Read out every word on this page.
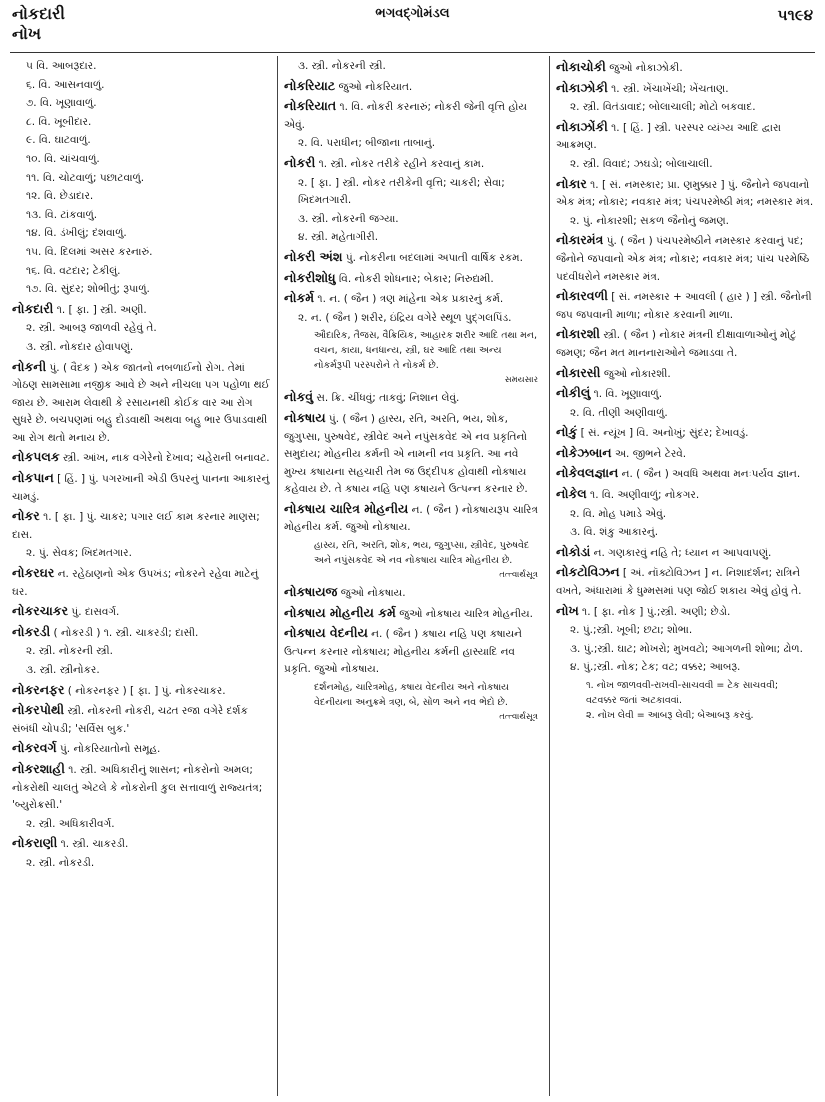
નોકદારી
નોખ
ભગવદ્ગોમંડલ	૫૧૯૪
૫ વિ. આબરૂદાર.
૬. વિ. આસનવાળું.
૭. વિ. ખૂણાવાળું.
૮. વિ. ખૂબીદાર.
૯. વિ. ઘાટવાળું.
૧૦. વિ. ચાંચવાળું.
૧૧. વિ. ચોટવાળું; પછાટવાળું.
૧૨. વિ. છેડાદાર.
૧૩. વિ. ટાંકવાળું.
૧૪. વિ. ડંખીલું; દંશવાળું.
૧૫. વિ. દિલમાં અસર કરનારું.
૧૬. વિ. વટદાર; ટેકીલું.
૧૭. વિ. સુંદર; શોભીતું; રૂપાળું.
નોકદારી ૧. [ ફા. ] સ્ત્રી. અણી.
૨. સ્ત્રી. આબરૂ જાળવી રહેવું તે.
૩. સ્ત્રી. નોકદાર હોવાપણું.
નોકની પું. ( વૈદક ) એક જાતનો નબળાઈનો રોગ. તેમાં ગોઠણ સામસામા નજીક આવે છે અને નીચલા પગ પહોળા થઈ જાય છે. આરામ લેવાથી કે રસાયનથી કોઈક વાર આ રોગ સુધરે છે. બચપણમાં બહુ દોડવાથી અથવા બહુ ભાર ઉપાડવાથી આ રોગ થતો મનાય છે.
નોકપલક સ્ત્રી. આંખ, નાક વગેરેનો દેખાવ; ચહેરાની બનાવટ.
નોકપાન [ હિં. ] પું. પગરખાની એડી ઉપરનું પાનના આકારનું ચામડું.
નોકર ૧. [ ફા. ] પું. ચાકર; પગાર લઈ કામ કરનાર માણસ; દાસ.
૨. પું. સેવક; ખિદમતગાર.
નોકરઘર ન. રહેઠાણનો એક ઉપખંડ; નોકરને રહેવા માટેનું ઘર.
નોકરચાકર પું. દાસવર્ગ.
નોકરડી ( નોકરડી ) ૧. સ્ત્રી. ચાકરડી; દાસી.
૨. સ્ત્રી. નોકરની સ્ત્રી.
૩. સ્ત્રી. સ્ત્રીનોકર.
નોકરનફર ( નોકરનફર ) [ ફા. ] પું. નોકરચાકર.
નોકરપોથી સ્ત્રી. નોકરની નોકરી, ચઢત રજા વગેરે દર્શક સંબંધી ચોપડી; 'સર્વિસ બુક.'
નોકરવર્ગ પું. નોકરિયાતોનો સમૂહ.
નોકરશાહી ૧. સ્ત્રી. અધિકારીનું શાસન; નોકરોનો અમલ; નોકરોથી ચાલતું એટલે કે નોકરોની કુલ સત્તાવાળું રાજ્યતંત્ર; 'બ્યુરોક્રસી.'
૨. સ્ત્રી. અધિકારીવર્ગ.
નોકરાણી ૧. સ્ત્રી. ચાકરડી.
૨. સ્ત્રી. નોકરડી.
૩. સ્ત્રી. નોકરની સ્ત્રી.
નોકરિયાટ જુઓ નોકરિયાત.
નોકરિયાત ૧. વિ. નોકરી કરનારું; નોકરી જેની વૃત્તિ હોય એવું.
૨. વિ. પરાધીન; બીજાના તાબાનું.
નોકરી ૧. સ્ત્રી. નોકર તરીકે રહીને કરવાનું કામ.
૨. [ ફા. ] સ્ત્રી. નોકર તરીકેની વૃત્તિ; ચાકરી; સેવા; ખિદમતગારી.
૩. સ્ત્રી. નોકરની જગ્યા.
૪. સ્ત્રી. મહેતાગીરી.
નોકરી અંશ પું. નોકરીના બદલામાં અપાતી વાર્ષિક રકમ.
નોકરીશોધુ વિ. નોકરી શોધનાર; બેકાર; નિરુદ્યમી.
નોકર્મ ૧. ન. ( જૈન ) ત્રણ માંહેના એક પ્રકારનું કર્મ.
૨. ન. ( જૈન ) શરીર, ઇંદ્રિય વગેરે સ્થૂળ પુદ્ગલપિંડ.
ઔદારિક, તૈજસ, વૈક્રિયિક, આહારક શરીર આદિ તથા મન, વચન, કાયા, ધનધાન્ય, સ્ત્રી, ઘર આદિ તથા અન્ય નોકર્મરૂપી પરસ્પરોને તે નોકર્મ છે.
સમયસાર
નોકવું સ. ક્રિ. ચીંધવું; તાકવું; નિશાન લેવું.
નોકષાય પું. ( જૈન ) હાસ્ય, રતિ, અરતિ, ભય, શોક, જુગુપ્સા, પુરુષવેદ, સ્ત્રીવેદ અને નપુંસકવેદ એ નવ પ્રકૃતિનો સમુદાય; મોહનીય કર્મની એ નામની નવ પ્રકૃતિ. આ નવે મુખ્ય કષાયના સહચારી તેમ જ ઉદ્દીપક હોવાથી નોકષાય કહેવાય છે. તે કષાય નહિ પણ કષાયને ઉત્પન્ન કરનાર છે.
નોકષાય ચારિત્ર મોહનીય ન. ( જૈન ) નોકષાયરૂપ ચારિત્ર મોહનીય કર્મ. જુઓ નોકષાય.
હાસ્ય, રતિ, અરતિ, શોક, ભય, જુગુપ્સા, સ્ત્રીવેદ, પુરુષવેદ અને નપુંસકવેદ એ નવ નોકષાય ચારિત્ર મોહનીય છે.
તત્ત્વાર્થસૂત્ર
નોકષાયજ જુઓ નોકષાય.
નોકષાય મોહનીય કર્મ જુઓ નોકષાય ચારિત્ર મોહનીય.
નોકષાય વેદનીય ન. ( જૈન ) કષાય નહિ પણ કષાયને ઉત્પન્ન કરનાર નોકષાય; મોહનીય કર્મની હાસ્યાદિ નવ પ્રકૃતિ. જુઓ નોકષાય.
દર્શનમોહ, ચારિત્રમોહ, કષાય વેદનીય અને નોકષાય વેદનીયના અનુક્રમે ત્રણ, બે, સોળ અને નવ ભેદો છે.
તત્ત્વાર્થસૂત્ર
નોકાચોકી જુઓ નોકાઝોકી.
નોકાઝોકી ૧. સ્ત્રી. ખેંચાખેંચી; ખેંચતાણ.
૨. સ્ત્રી. વિતંડાવાદ; બોલાચાલી; મોટો બકવાદ.
નોકાઝોંકી ૧. [ હિં. ] સ્ત્રી. પરસ્પર વ્યંગ્ય આદિ દ્વારા આક્રમણ.
૨. સ્ત્રી. વિવાદ; ઝઘડો; બોલાચાલી.
નોકાર ૧. [ સં. નમસ્કાર; પ્રા. ણમુક્કાર ] પું. જૈનોને જપવાનો એક મંત્ર; નોકાર; નવકાર મંત્ર; પંચપરમેષ્ઠી મંત્ર; નમસ્કાર મંત્ર.
૨. પું. નોકારશી; સકળ જૈનોનું જમણ.
નોકારમંત્ર પું. ( જૈન ) પંચપરમેષ્ઠીને નમસ્કાર કરવાનું પદ; જૈનોને જપવાનો એક મંત્ર; નોકાર; નવકાર મંત્ર; પાંચ પરમેષ્ઠિ પદવીધરોને નમસ્કાર મંત્ર.
નોકારવળી [ સં. નમસ્કાર + આવલી ( હાર ) ] સ્ત્રી. જૈનોની જપ જપવાની માળા; નોકાર કરવાની માળા.
નોકારશી સ્ત્રી. ( જૈન ) નોકાર મંત્રની દીક્ષાવાળાઓનું મોટું જમણ; જૈન મત માનનારાઓને જમાડવા તે.
નોકારસી જુઓ નોકારશી.
નોકીલું ૧. વિ. ખૂણાવાળું.
૨. વિ. તીણી અણીવાળું.
નોકું [ સં. ન્યૂંખ ] વિ. અનોખું; સુંદર; દેખાવડું.
નોકેઝબાન અ. જીભને ટેરવે.
નોકેવલજ્ઞાન ન. ( જૈન ) અવધિ અથવા મનઃપર્યવ જ્ઞાન.
નોકેલ ૧. વિ. અણીવાળું; નોકગર.
૨. વિ. મોહ પમાડે એવું.
૩. વિ. શંકુ આકારનું.
નોકોડાં ન. ગણકારવું નહિ તે; ધ્યાન ન આપવાપણું.
નોકટોવિઝન [ અં. નૉક્ટોવિઝન ] ન. નિશાદર્શન; રાત્રિને વખતે, અંધારામાં કે ધુમ્મસમાં પણ જોઈ શકાય એવું હોવું તે.
નોખ ૧. [ ફા. નોક ] પું.;સ્ત્રી. અણી; છેડો.
૨. પું.;સ્ત્રી. ખૂબી; છટા; શોભા.
૩. પું.;સ્ત્રી. ઘાટ; મોખરો; મુખવટો; આગળની શોભા; ઢોળ.
૪. પું.;સ્ત્રી. નોક; ટેક; વટ; વક્કર; આબરૂ.
૧. નોખ જાળવવી-રાખવી-સાચવવી = ટેક સાચવવી; વટવક્કર જતાં અટકાવવાં.
૨. નોખ લેવી = આબરૂ લેવી; બેઆબરૂ કરવું.
